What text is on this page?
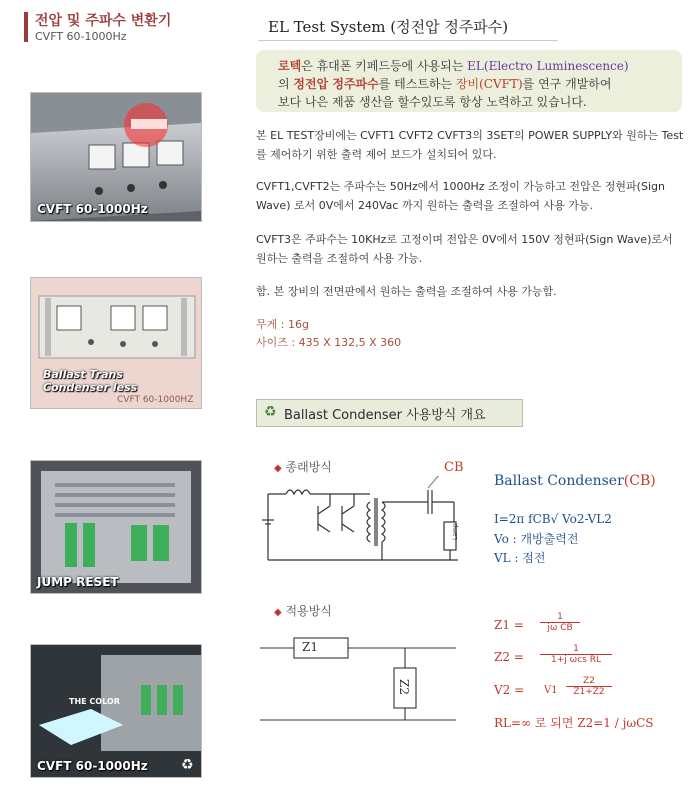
전압 및 주파수 변환기
CVFT 60-1000Hz
CVFT 60-1000Hz
Ballast Trans
Condenser less
CVFT 60-1000HZ
JUMP RESET
THE COLOR
CVFT 60-1000Hz ♻
EL Test System (정전압 정주파수)
로텍은 휴대폰 키페드등에 사용되는 EL(Electro Luminescence)
의 정전압 정주파수를 테스트하는 장비(CVFT)를 연구 개발하여
보다 나은 제품 생산을 할수있도록 항상 노력하고 있습니다.
본 EL TEST장비에는 CVFT1 CVFT2 CVFT3의 3SET의 POWER SUPPLY와 원하는 Test를 제어하기 위한 출력 제어 보드가 설치되어 있다.
CVFT1,CVFT2는 주파수는 50Hz에서 1000Hz 조정이 가능하고 전압은 정현파(Sign Wave) 로서 0V에서 240Vac 까지 원하는 출력을 조절하여 사용 가능.
CVFT3은 주파수는 10KHz로 고정이며 전압은 0V에서 150V 정현파(Sign Wave)로서 원하는 출력을 조절하여 사용 가능.
함. 본 장비의 전면판에서 원하는 출력을 조절하여 사용 가능함.
무게 : 16g
사이즈 : 435 X 132,5 X 360
♻ Ballast Condenser 사용방식 개요
◆ 종래방식	CB
Lamp
Ballast Condenser(CB)
I=2π fCB√ Vo2-VL2
Vo : 개방출력전
VL : 점전
◆ 적용방식
Z1
Z2
$Z1 = \frac{1}{\text{jω CB}}$
Z2 =
1
1+j ωcs RL
$V2 = V1 \frac{Z2}{Z1+Z2}$
RL=∞ 로 되면 Z2=1 / jωCS
